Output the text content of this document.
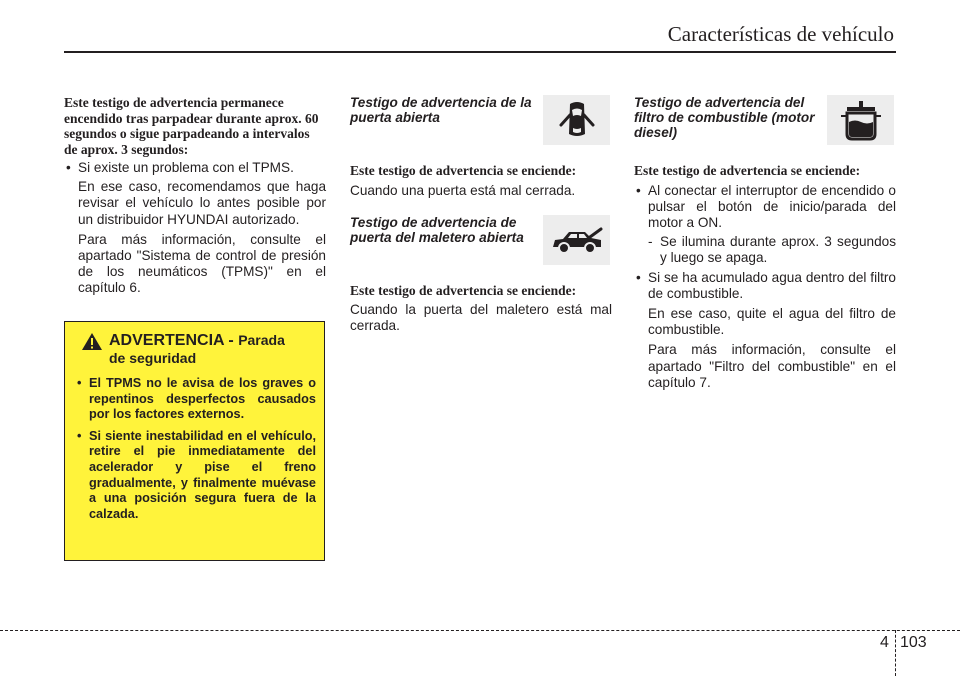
Características de vehículo

Este testigo de advertencia permanece encendido tras parpadear durante aprox. 60 segundos o sigue parpadeando a intervalos de aprox. 3 segundos:

• Si existe un problema con el TPMS.

En ese caso, recomendamos que haga revisar el vehículo lo antes posible por un distribuidor HYUNDAI autorizado.

Para más información, consulte el apartado "Sistema de control de presión de los neumáticos (TPMS)" en el capítulo 6.

ADVERTENCIA - Parada
de seguridad
• El TPMS no le avisa de los graves o repentinos desperfectos causados por los factores externos.
• Si siente inestabilidad en el vehículo, retire el pie inmediatamente del acelerador y pise el freno gradualmente, y finalmente muévase a una posición segura fuera de la calzada.
Testigo de advertencia de la puerta abierta

Este testigo de advertencia se enciende:

Cuando una puerta está mal cerrada.

Testigo de advertencia de puerta del maletero abierta

Este testigo de advertencia se enciende:

Cuando la puerta del maletero está mal cerrada.

Testigo de advertencia del filtro de combustible (motor diesel)

Este testigo de advertencia se enciende:

• Al conectar el interruptor de encendido o pulsar el botón de inicio/parada del motor a ON.
- Se ilumina durante aprox. 3 segundos y luego se apaga.
• Si se ha acumulado agua dentro del filtro de combustible.

En ese caso, quite el agua del filtro de combustible.

Para más información, consulte el apartado "Filtro del combustible" en el capítulo 7.

4 103
